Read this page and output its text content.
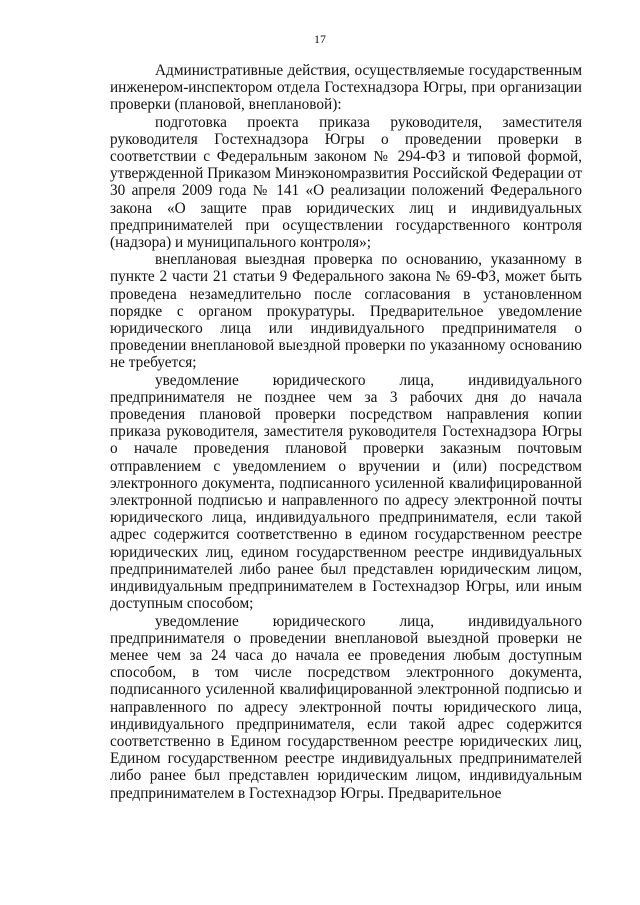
17

Административные действия, осуществляемые государственным инженером-инспектором отдела Гостехнадзора Югры, при организации проверки (плановой, внеплановой):

подготовка проекта приказа руководителя, заместителя руководителя Гостехнадзора Югры о проведении проверки в соответствии с Федеральным законом № 294-ФЗ и типовой формой, утвержденной Приказом Минэкономразвития Российской Федерации от 30 апреля 2009 года № 141 «О реализации положений Федерального закона «О защите прав юридических лиц и индивидуальных предпринимателей при осуществлении государственного контроля (надзора) и муниципального контроля»;

внеплановая выездная проверка по основанию, указанному в пункте 2 части 21 статьи 9 Федерального закона № 69-ФЗ, может быть проведена незамедлительно после согласования в установленном порядке с органом прокуратуры. Предварительное уведомление юридического лица или индивидуального предпринимателя о проведении внеплановой выездной проверки по указанному основанию не требуется;

уведомление юридического лица, индивидуального предпринимателя не позднее чем за 3 рабочих дня до начала проведения плановой проверки посредством направления копии приказа руководителя, заместителя руководителя Гостехнадзора Югры о начале проведения плановой проверки заказным почтовым отправлением с уведомлением о вручении и (или) посредством электронного документа, подписанного усиленной квалифицированной электронной подписью и направленного по адресу электронной почты юридического лица, индивидуального предпринимателя, если такой адрес содержится соответственно в едином государственном реестре юридических лиц, едином государственном реестре индивидуальных предпринимателей либо ранее был представлен юридическим лицом, индивидуальным предпринимателем в Гостехнадзор Югры, или иным доступным способом;

уведомление юридического лица, индивидуального предпринимателя о проведении внеплановой выездной проверки не менее чем за 24 часа до начала ее проведения любым доступным способом, в том числе посредством электронного документа, подписанного усиленной квалифицированной электронной подписью и направленного по адресу электронной почты юридического лица, индивидуального предпринимателя, если такой адрес содержится соответственно в Едином государственном реестре юридических лиц, Едином государственном реестре индивидуальных предпринимателей либо ранее был представлен юридическим лицом, индивидуальным предпринимателем в Гостехнадзор Югры. Предварительное
